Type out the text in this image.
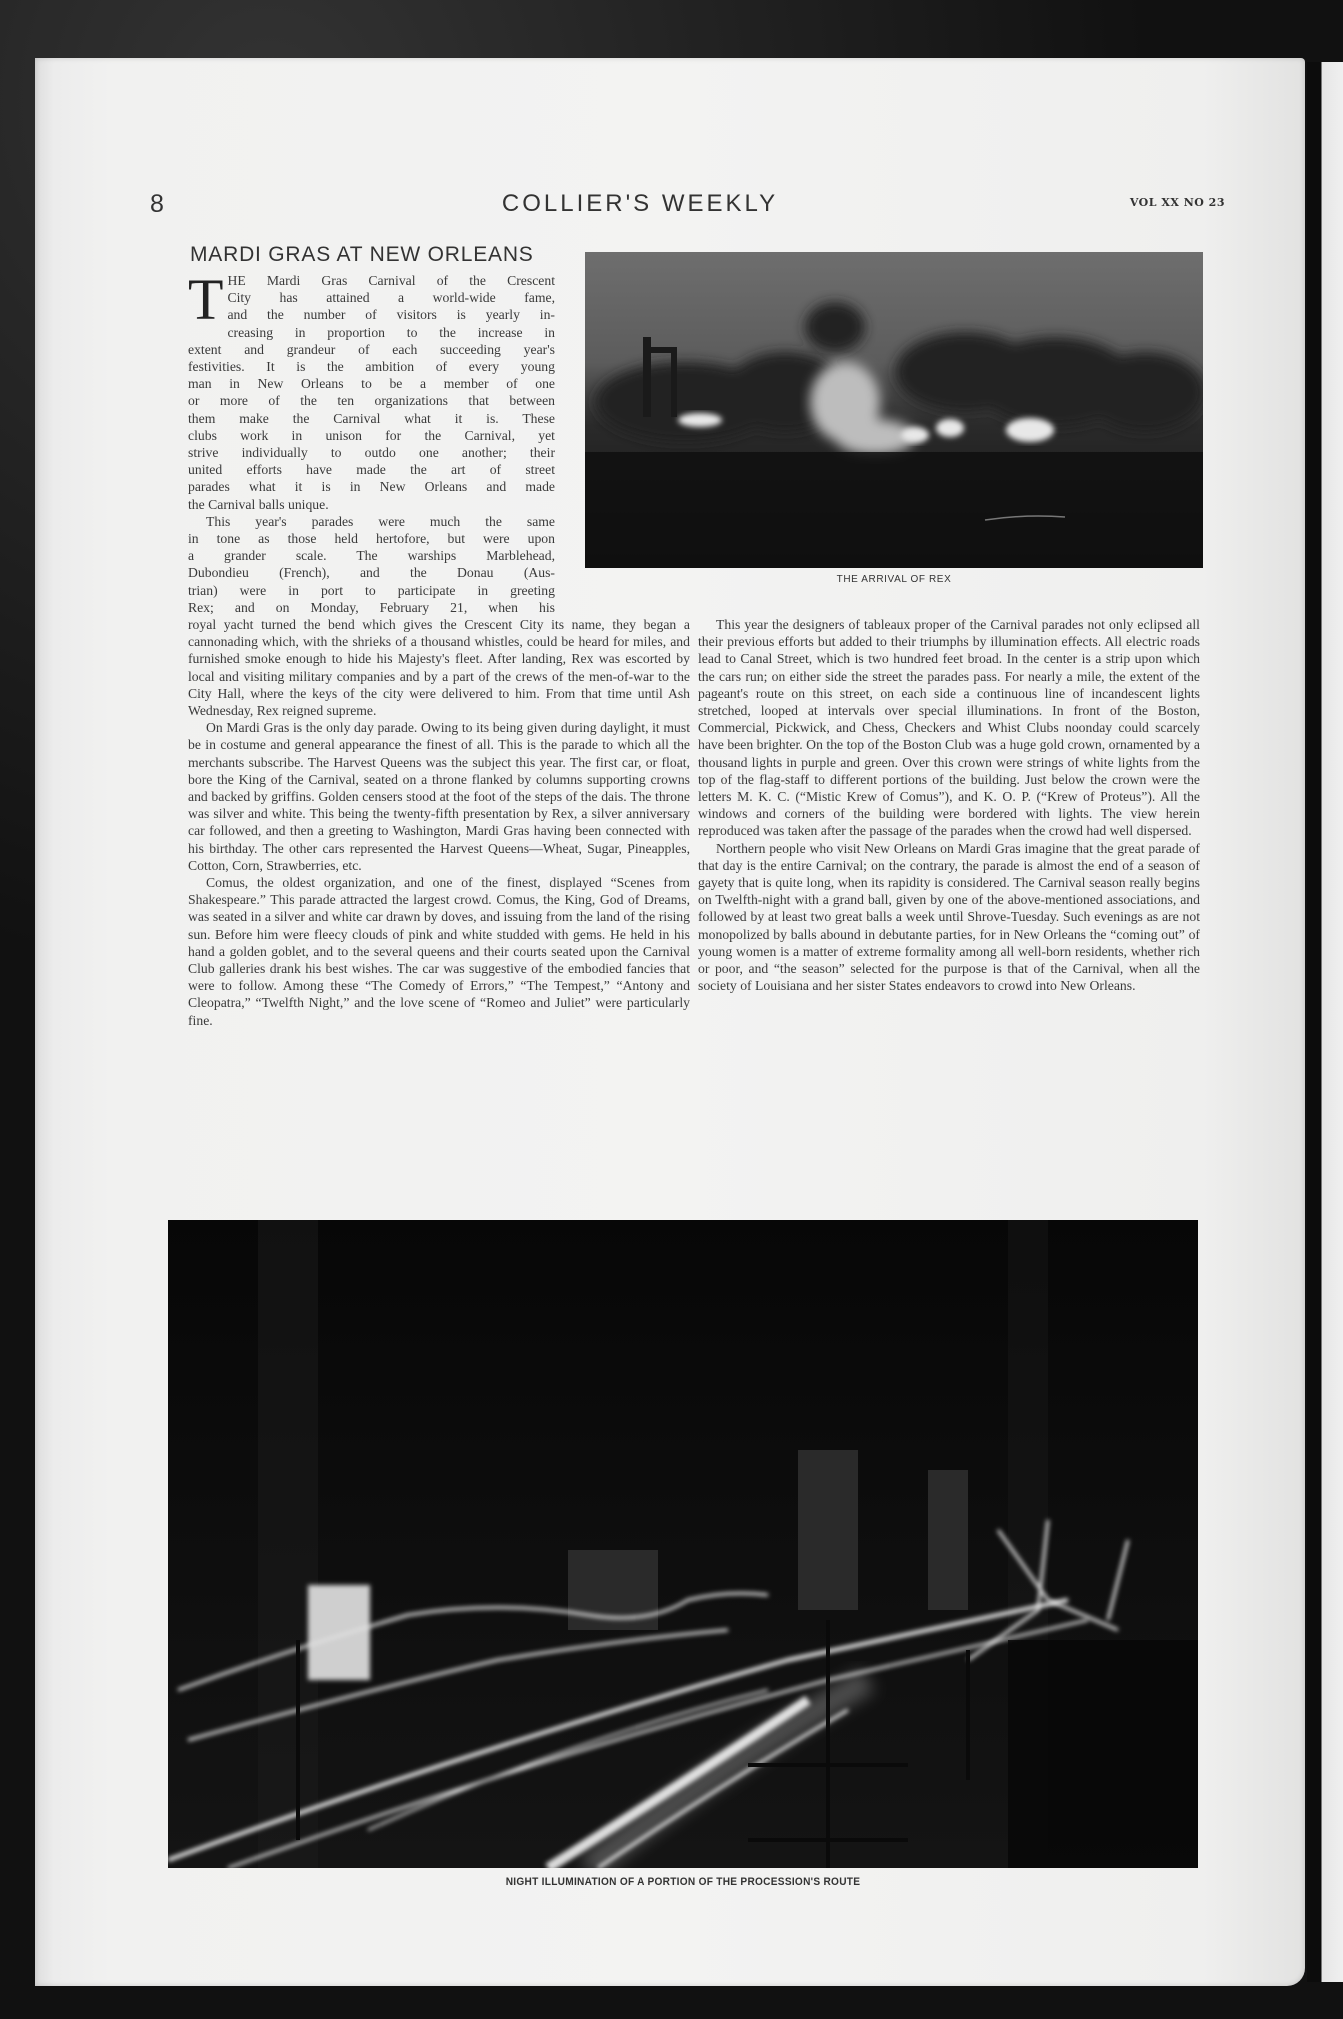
8	COLLIER'S WEEKLY	VOL XX NO 23
MARDI GRAS AT NEW ORLEANS
T HE Mardi Gras Carnival of the Crescent
City has attained a world-wide fame,
and the number of visitors is yearly in-
creasing in proportion to the increase in
extent and grandeur of each succeeding year's
festivities. It is the ambition of every young
man in New Orleans to be a member of one
or more of the ten organizations that between
them make the Carnival what it is. These
clubs work in unison for the Carnival, yet
strive individually to outdo one another; their
united efforts have made the art of street
parades what it is in New Orleans and made
the Carnival balls unique.
This year's parades were much the same
in tone as those held hertofore, but were upon
a grander scale. The warships Marblehead,
Dubondieu (French), and the Donau (Aus-
trian) were in port to participate in greeting
Rex; and on Monday, February 21, when his
THE ARRIVAL OF REX

royal yacht turned the bend which gives the Crescent City its name, they began a cannonading which, with the shrieks of a thousand whistles, could be heard for miles, and furnished smoke enough to hide his Majesty's fleet. After landing, Rex was escorted by local and visiting military companies and by a part of the crews of the men-of-war to the City Hall, where the keys of the city were delivered to him. From that time until Ash Wednesday, Rex reigned supreme.

On Mardi Gras is the only day parade. Owing to its being given during daylight, it must be in costume and general appearance the finest of all. This is the parade to which all the merchants subscribe. The Harvest Queens was the subject this year. The first car, or float, bore the King of the Carnival, seated on a throne flanked by columns supporting crowns and backed by griffins. Golden censers stood at the foot of the steps of the dais. The throne was silver and white. This being the twenty-fifth presentation by Rex, a silver anniversary car followed, and then a greeting to Washington, Mardi Gras having been connected with his birthday. The other cars represented the Harvest Queens—Wheat, Sugar, Pineapples, Cotton, Corn, Strawberries, etc.

Comus, the oldest organization, and one of the finest, displayed “Scenes from Shakespeare.” This parade attracted the largest crowd. Comus, the King, God of Dreams, was seated in a silver and white car drawn by doves, and issuing from the land of the rising sun. Before him were fleecy clouds of pink and white studded with gems. He held in his hand a golden goblet, and to the several queens and their courts seated upon the Carnival Club galleries drank his best wishes. The car was suggestive of the embodied fancies that were to follow. Among these “The Comedy of Errors,” “The Tempest,” “Antony and Cleopatra,” “Twelfth Night,” and the love scene of “Romeo and Juliet” were particularly fine.

This year the designers of tableaux proper of the Carnival parades not only eclipsed all their previous efforts but added to their triumphs by illumination effects. All electric roads lead to Canal Street, which is two hundred feet broad. In the center is a strip upon which the cars run; on either side the street the parades pass. For nearly a mile, the extent of the pageant's route on this street, on each side a continuous line of incandescent lights stretched, looped at intervals over special illuminations. In front of the Boston, Commercial, Pickwick, and Chess, Checkers and Whist Clubs noonday could scarcely have been brighter. On the top of the Boston Club was a huge gold crown, ornamented by a thousand lights in purple and green. Over this crown were strings of white lights from the top of the flag-staff to different portions of the building. Just below the crown were the letters M. K. C. (“Mistic Krew of Comus”), and K. O. P. (“Krew of Proteus”). All the windows and corners of the building were bordered with lights. The view herein reproduced was taken after the passage of the parades when the crowd had well dispersed.

Northern people who visit New Orleans on Mardi Gras imagine that the great parade of that day is the entire Carnival; on the contrary, the parade is almost the end of a season of gayety that is quite long, when its rapidity is considered. The Carnival season really begins on Twelfth-night with a grand ball, given by one of the above-mentioned associations, and followed by at least two great balls a week until Shrove-Tuesday. Such evenings as are not monopolized by balls abound in debutante parties, for in New Orleans the “coming out” of young women is a matter of extreme formality among all well-born residents, whether rich or poor, and “the season” selected for the purpose is that of the Carnival, when all the society of Louisiana and her sister States endeavors to crowd into New Orleans.

NIGHT ILLUMINATION OF A PORTION OF THE PROCESSION'S ROUTE
